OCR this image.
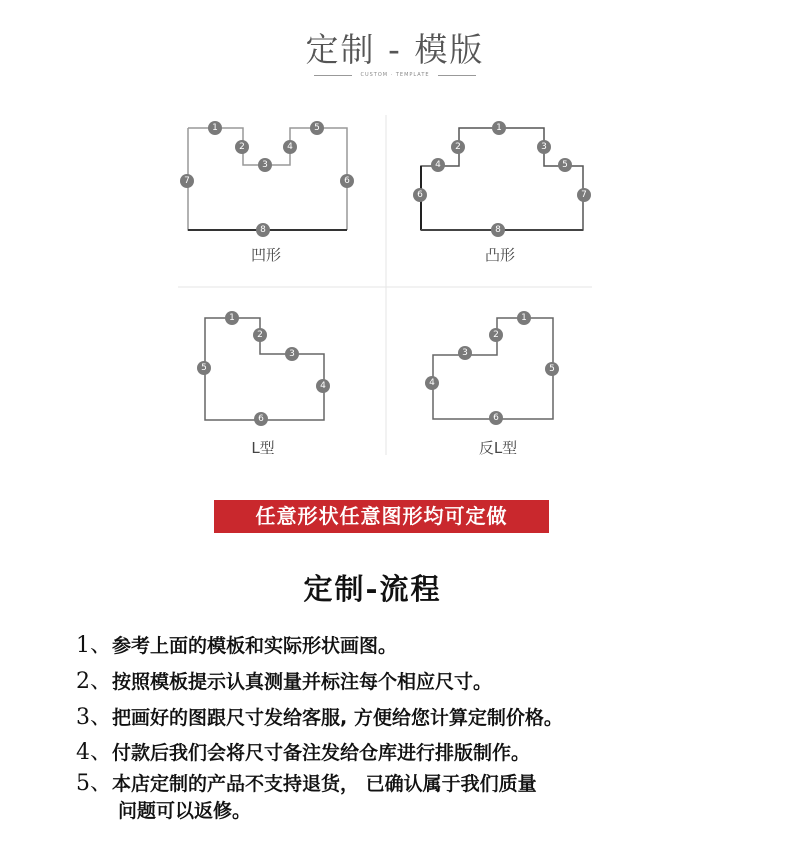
定制 - 模版
CUSTOM · TEMPLATE
1
2
3
4
5
6
7
8
1
2	3
4	5
6	7
8
1
2
3
4
5
6
1
2
3
4
5
6
凹形	凸形
L型	反L型
任意形状任意图形均可定做
定制-流程
1、参考上面的模板和实际形状画图。
2、按照模板提示认真测量并标注每个相应尺寸。
3、把画好的图跟尺寸发给客服, 方便给您计算定制价格。
4、付款后我们会将尺寸备注发给仓库进行排版制作。
5、本店定制的产品不支持退货， 已确认属于我们质量
问题可以返修。
